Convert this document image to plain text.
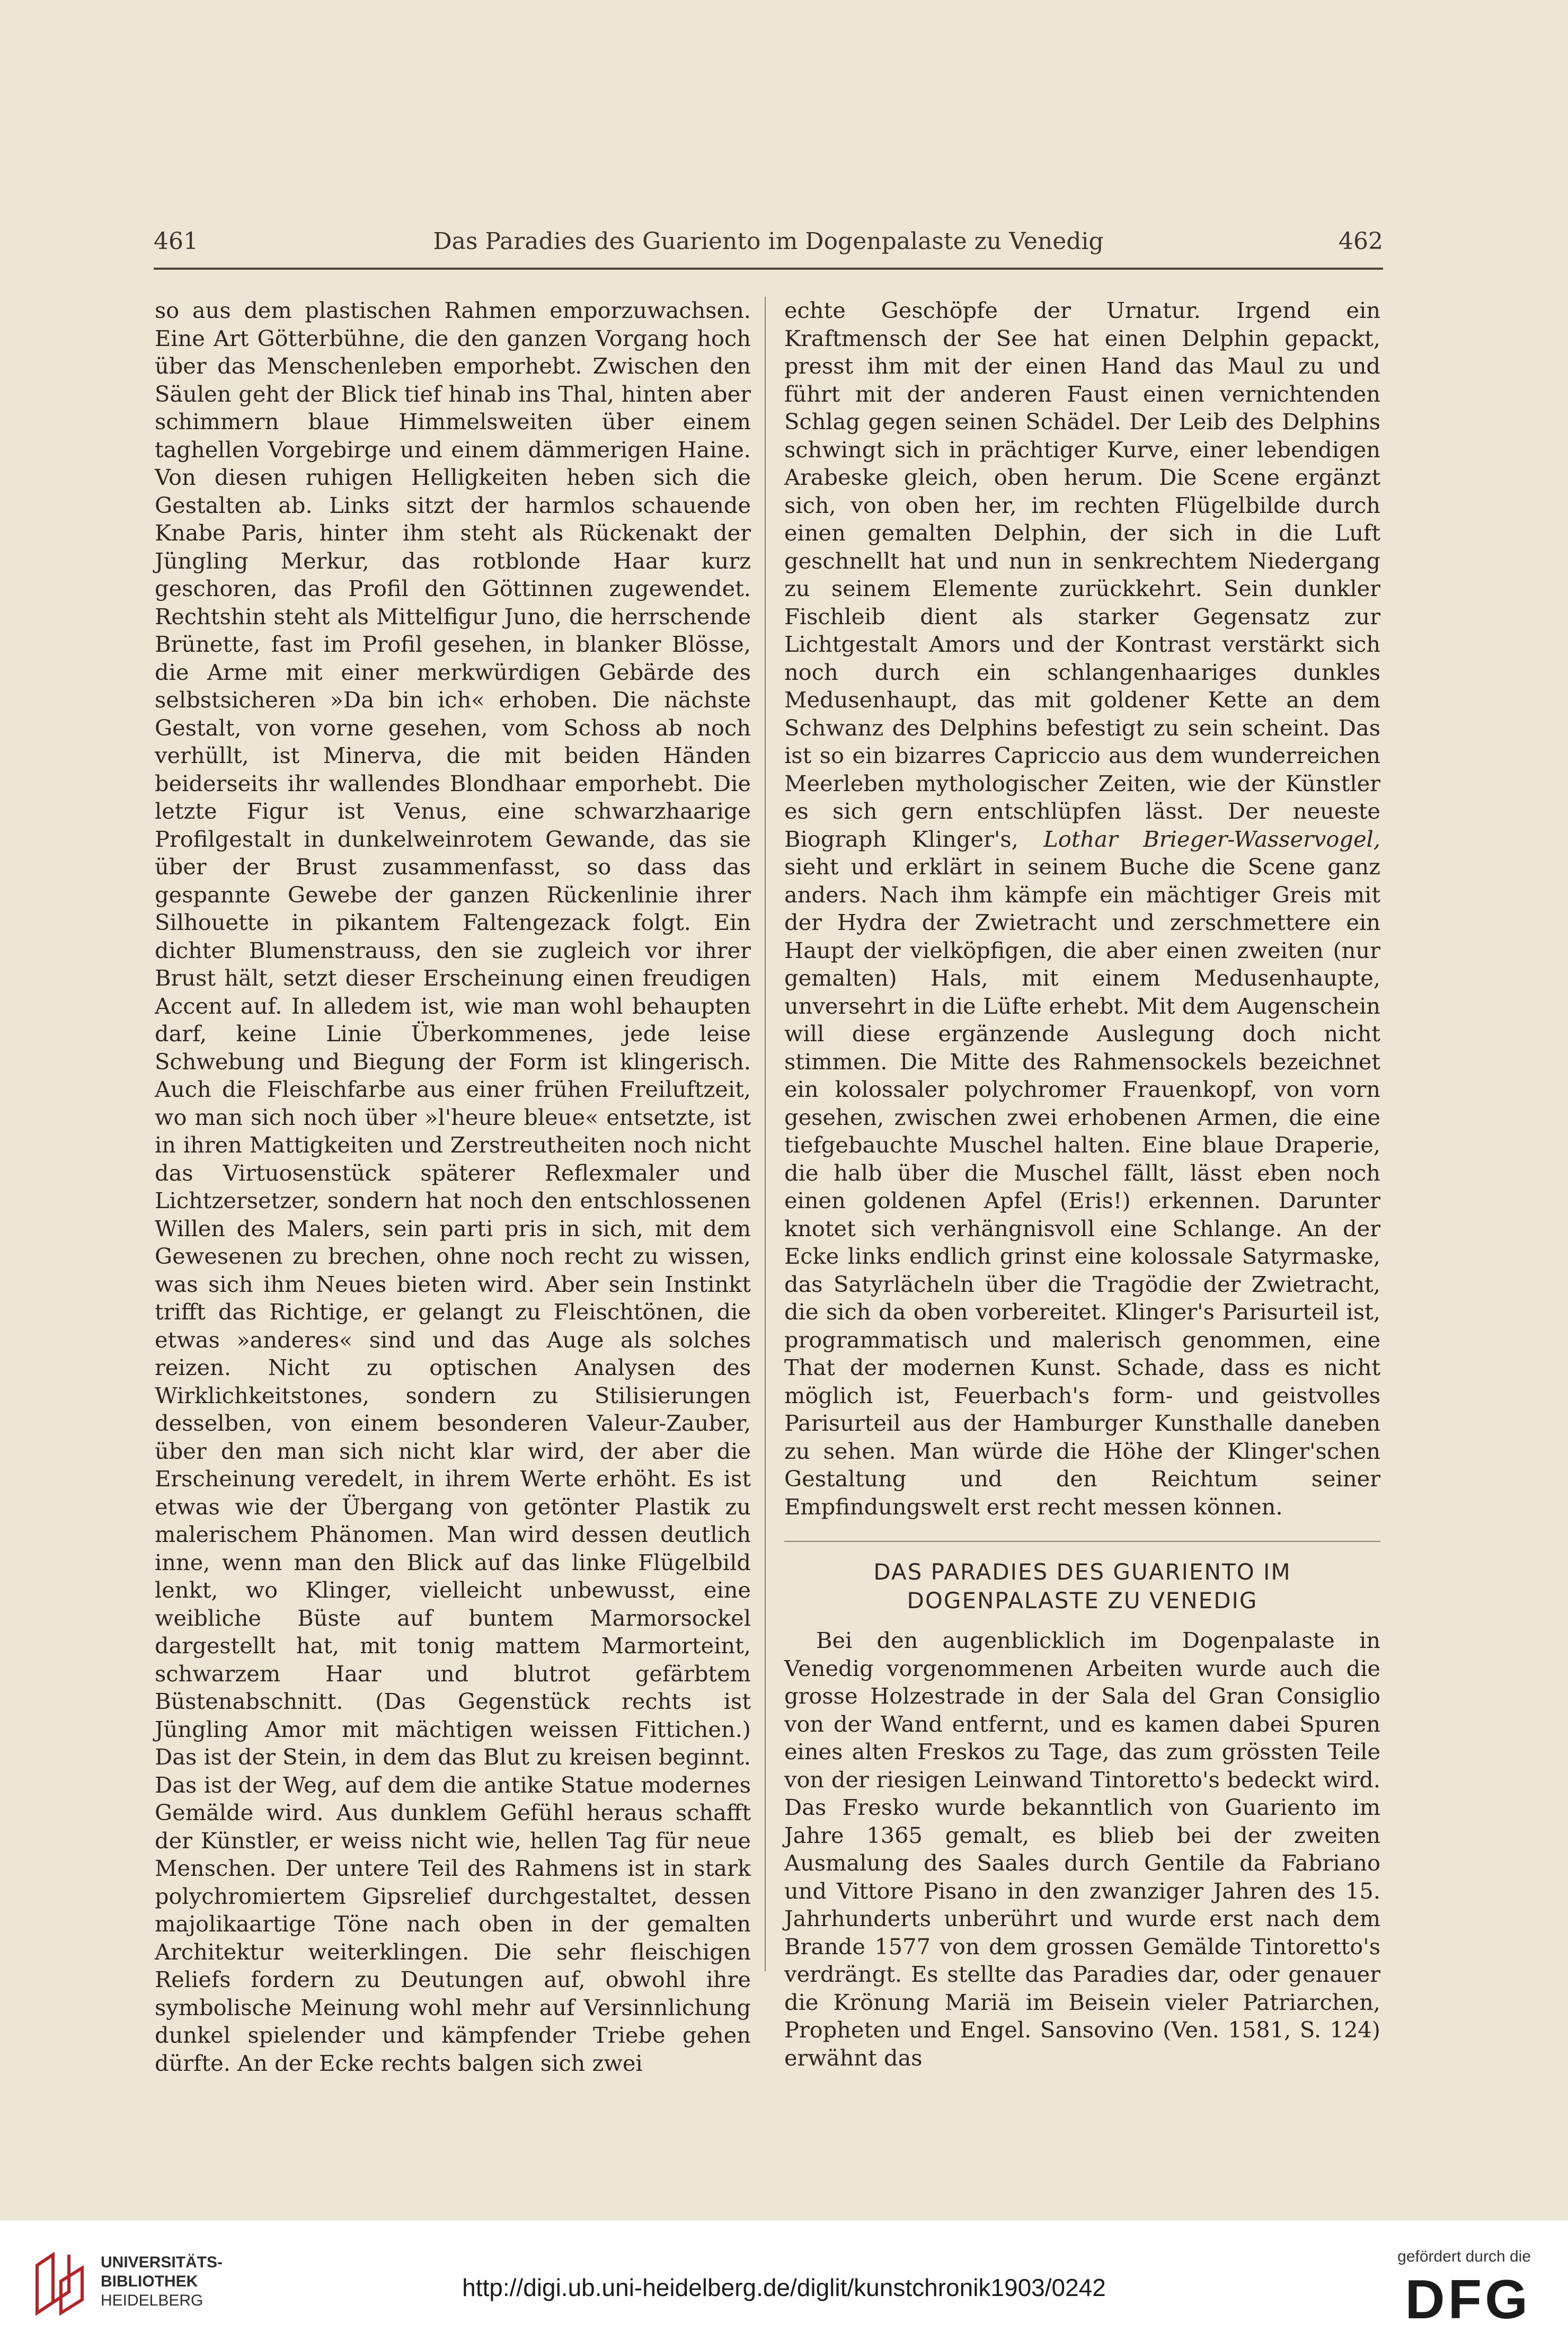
461	Das Paradies des Guariento im Dogenpalaste zu Venedig	462

so aus dem plastischen Rahmen emporzuwachsen. Eine Art Götterbühne, die den ganzen Vorgang hoch über das Menschenleben emporhebt. Zwischen den Säulen geht der Blick tief hinab ins Thal, hinten aber schimmern blaue Himmelsweiten über einem taghellen Vorgebirge und einem dämmerigen Haine. Von diesen ruhigen Helligkeiten heben sich die Gestalten ab. Links sitzt der harmlos schauende Knabe Paris, hinter ihm steht als Rückenakt der Jüngling Merkur, das rotblonde Haar kurz geschoren, das Profil den Göttinnen zugewendet. Rechtshin steht als Mittelfigur Juno, die herrschende Brünette, fast im Profil gesehen, in blanker Blösse, die Arme mit einer merkwürdigen Gebärde des selbstsicheren »Da bin ich« erhoben. Die nächste Gestalt, von vorne gesehen, vom Schoss ab noch verhüllt, ist Minerva, die mit beiden Händen beiderseits ihr wallendes Blondhaar emporhebt. Die letzte Figur ist Venus, eine schwarzhaarige Profilgestalt in dunkelweinrotem Gewande, das sie über der Brust zusammenfasst, so dass das gespannte Gewebe der ganzen Rückenlinie ihrer Silhouette in pikantem Faltengezack folgt. Ein dichter Blumenstrauss, den sie zugleich vor ihrer Brust hält, setzt dieser Erscheinung einen freudigen Accent auf. In alledem ist, wie man wohl behaupten darf, keine Linie Überkommenes, jede leise Schwebung und Biegung der Form ist klingerisch. Auch die Fleischfarbe aus einer frühen Freiluftzeit, wo man sich noch über »l'heure bleue« entsetzte, ist in ihren Mattigkeiten und Zerstreutheiten noch nicht das Virtuosenstück späterer Reflexmaler und Lichtzersetzer, sondern hat noch den entschlossenen Willen des Malers, sein parti pris in sich, mit dem Gewesenen zu brechen, ohne noch recht zu wissen, was sich ihm Neues bieten wird. Aber sein Instinkt trifft das Richtige, er gelangt zu Fleischtönen, die etwas »anderes« sind und das Auge als solches reizen. Nicht zu optischen Analysen des Wirklichkeitstones, sondern zu Stilisierungen desselben, von einem besonderen Valeur-Zauber, über den man sich nicht klar wird, der aber die Erscheinung veredelt, in ihrem Werte erhöht. Es ist etwas wie der Übergang von getönter Plastik zu malerischem Phänomen. Man wird dessen deutlich inne, wenn man den Blick auf das linke Flügelbild lenkt, wo Klinger, vielleicht unbewusst, eine weibliche Büste auf buntem Marmorsockel dargestellt hat, mit tonig mattem Marmorteint, schwarzem Haar und blutrot gefärbtem Büstenabschnitt. (Das Gegenstück rechts ist Jüngling Amor mit mächtigen weissen Fittichen.) Das ist der Stein, in dem das Blut zu kreisen beginnt. Das ist der Weg, auf dem die antike Statue modernes Gemälde wird. Aus dunklem Gefühl heraus schafft der Künstler, er weiss nicht wie, hellen Tag für neue Menschen. Der untere Teil des Rahmens ist in stark polychromiertem Gipsrelief durchgestaltet, dessen majolikaartige Töne nach oben in der gemalten Architektur weiterklingen. Die sehr fleischigen Reliefs fordern zu Deutungen auf, obwohl ihre symbolische Meinung wohl mehr auf Versinnlichung dunkel spielender und kämpfender Triebe gehen dürfte. An der Ecke rechts balgen sich zwei

echte Geschöpfe der Urnatur. Irgend ein Kraftmensch der See hat einen Delphin gepackt, presst ihm mit der einen Hand das Maul zu und führt mit der anderen Faust einen vernichtenden Schlag gegen seinen Schädel. Der Leib des Delphins schwingt sich in prächtiger Kurve, einer lebendigen Arabeske gleich, oben herum. Die Scene ergänzt sich, von oben her, im rechten Flügelbilde durch einen gemalten Delphin, der sich in die Luft geschnellt hat und nun in senkrechtem Niedergang zu seinem Elemente zurückkehrt. Sein dunkler Fischleib dient als starker Gegensatz zur Lichtgestalt Amors und der Kontrast verstärkt sich noch durch ein schlangenhaariges dunkles Medusenhaupt, das mit goldener Kette an dem Schwanz des Delphins befestigt zu sein scheint. Das ist so ein bizarres Capriccio aus dem wunderreichen Meerleben mythologischer Zeiten, wie der Künstler es sich gern entschlüpfen lässt. Der neueste Biograph Klinger's, Lothar Brieger-Wasservogel, sieht und erklärt in seinem Buche die Scene ganz anders. Nach ihm kämpfe ein mächtiger Greis mit der Hydra der Zwietracht und zerschmettere ein Haupt der vielköpfigen, die aber einen zweiten (nur gemalten) Hals, mit einem Medusenhaupte, unversehrt in die Lüfte erhebt. Mit dem Augenschein will diese ergänzende Auslegung doch nicht stimmen. Die Mitte des Rahmensockels bezeichnet ein kolossaler polychromer Frauenkopf, von vorn gesehen, zwischen zwei erhobenen Armen, die eine tiefgebauchte Muschel halten. Eine blaue Draperie, die halb über die Muschel fällt, lässt eben noch einen goldenen Apfel (Eris!) erkennen. Darunter knotet sich verhängnisvoll eine Schlange. An der Ecke links endlich grinst eine kolossale Satyrmaske, das Satyrlächeln über die Tragödie der Zwietracht, die sich da oben vorbereitet. Klinger's Parisurteil ist, programmatisch und malerisch genommen, eine That der modernen Kunst. Schade, dass es nicht möglich ist, Feuerbach's form- und geistvolles Parisurteil aus der Hamburger Kunsthalle daneben zu sehen. Man würde die Höhe der Klinger'schen Gestaltung und den Reichtum seiner Empfindungswelt erst recht messen können.

DAS PARADIES DES GUARIENTO IM DOGENPALASTE ZU VENEDIG

Bei den augenblicklich im Dogenpalaste in Venedig vorgenommenen Arbeiten wurde auch die grosse Holzestrade in der Sala del Gran Consiglio von der Wand entfernt, und es kamen dabei Spuren eines alten Freskos zu Tage, das zum grössten Teile von der riesigen Leinwand Tintoretto's bedeckt wird. Das Fresko wurde bekanntlich von Guariento im Jahre 1365 gemalt, es blieb bei der zweiten Ausmalung des Saales durch Gentile da Fabriano und Vittore Pisano in den zwanziger Jahren des 15. Jahrhunderts unberührt und wurde erst nach dem Brande 1577 von dem grossen Gemälde Tintoretto's verdrängt. Es stellte das Paradies dar, oder genauer die Krönung Mariä im Beisein vieler Patriarchen, Propheten und Engel. Sansovino (Ven. 1581, S. 124) erwähnt das

UNIVERSITÄTS-
BIBLIOTHEK
HEIDELBERG	http://digi.ub.uni-heidelberg.de/diglit/kunstchronik1903/0242
gefördert durch die
DFG
